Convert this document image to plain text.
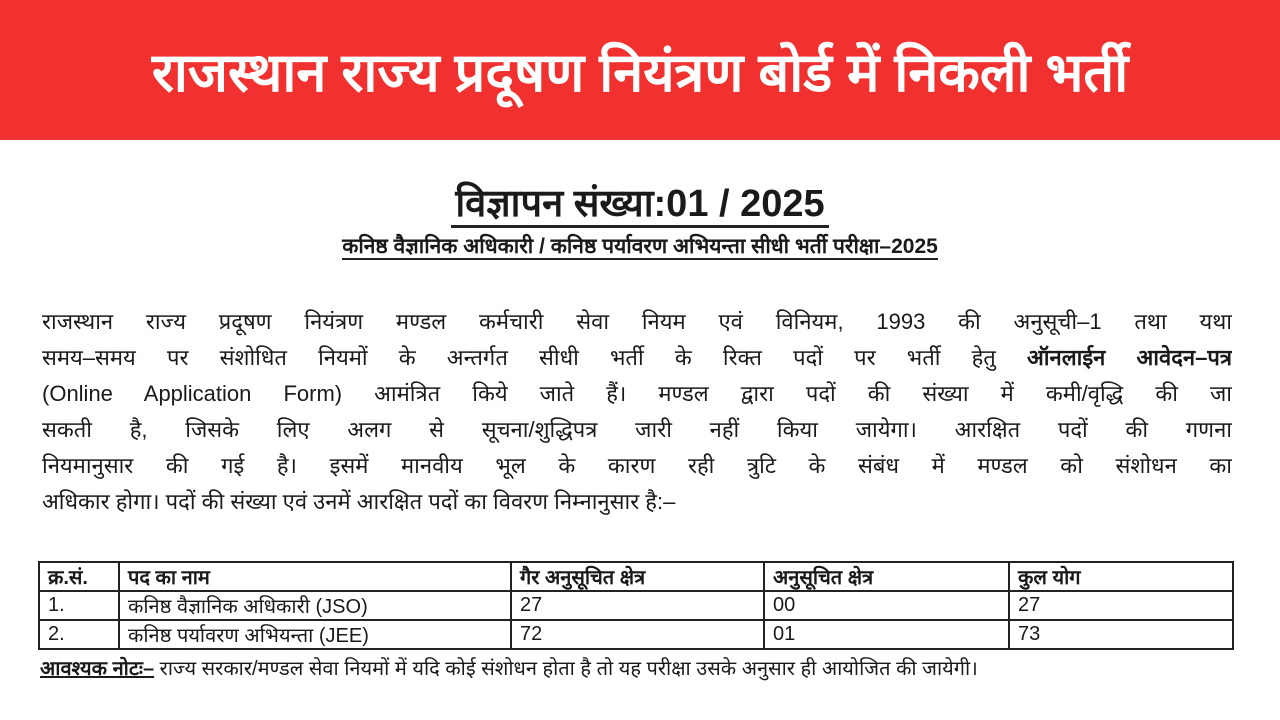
राजस्थान राज्य प्रदूषण नियंत्रण बोर्ड में निकली भर्ती
विज्ञापन संख्या:01 / 2025
कनिष्ठ वैज्ञानिक अधिकारी / कनिष्ठ पर्यावरण अभियन्ता सीधी भर्ती परीक्षा–2025
राजस्थान राज्य प्रदूषण नियंत्रण मण्डल कर्मचारी सेवा नियम एवं विनियम, 1993 की अनुसूची–1 तथा यथा
समय–समय पर संशोधित नियमों के अन्तर्गत सीधी भर्ती के रिक्त पदों पर भर्ती हेतु ऑनलाईन आवेदन–पत्र
(Online Application Form) आमंत्रित किये जाते हैं। मण्डल द्वारा पदों की संख्या में कमी/वृद्धि की जा
सकती है, जिसके लिए अलग से सूचना/शुद्धिपत्र जारी नहीं किया जायेगा। आरक्षित पदों की गणना
नियमानुसार की गई है। इसमें मानवीय भूल के कारण रही त्रुटि के संबंध में मण्डल को संशोधन का
अधिकार होगा। पदों की संख्या एवं उनमें आरक्षित पदों का विवरण निम्नानुसार है:–
क्र.सं.	पद का नाम	गैर अनुसूचित क्षेत्र	अनुसूचित क्षेत्र	कुल योग
1.	कनिष्ठ वैज्ञानिक अधिकारी (JSO)	27	00	27
2.	कनिष्ठ पर्यावरण अभियन्ता (JEE)	72	01	73
आवश्यक नोटः– राज्य सरकार/मण्डल सेवा नियमों में यदि कोई संशोधन होता है तो यह परीक्षा उसके अनुसार ही आयोजित की जायेगी।
